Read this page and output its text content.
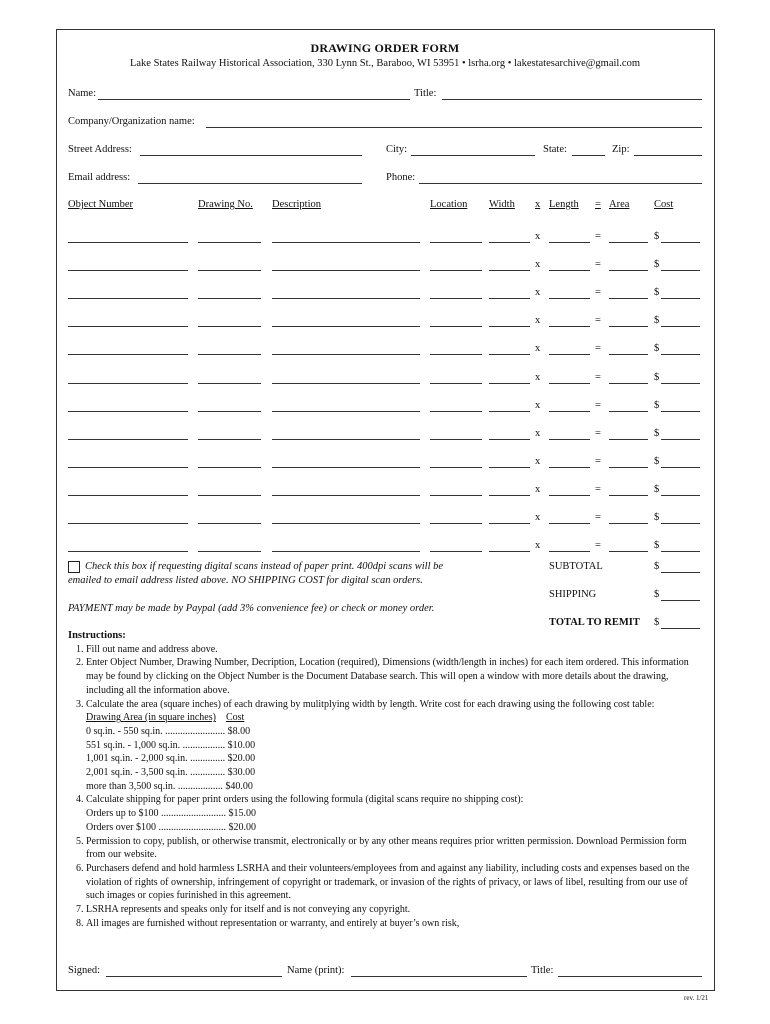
DRAWING ORDER FORM
Lake States Railway Historical Association, 330 Lynn St., Baraboo, WI 53951 • lsrha.org • lakestatesarchive@gmail.com
Name:	Title:
Company/Organization name:
Street Address:	City:	State:	Zip:
Email address:	Phone:
Object Number	Drawing No. Description	Location Width x Length = Area Cost
x	=	$
x	=	$
x	=	$
x	=	$
x	=	$
x	=	$
x	=	$
x	=	$
x	=	$
x	=	$
x	=	$
x	=	$
Check this box if requesting digital scans instead of paper print. 400dpi scans will be
emailed to email address listed above. NO SHIPPING COST for digital scan orders.
PAYMENT may be made by Paypal (add 3% convenience fee) or check or money order.
SUBTOTAL	$
SHIPPING	$
TOTAL TO REMIT $
Instructions:
1. Fill out name and address above.
2. Enter Object Number, Drawing Number, Decription, Location (required), Dimensions (width/length in inches) for each item ordered. This information may be found by clicking on the Object Number is the Document Database search. This will open a window with more details about the drawing, including all the information above.
3. Calculate the area (square inches) of each drawing by mulitplying width by length. Write cost for each drawing using the following cost table:
Drawing Area (in square inches) Cost
0 sq.in. - 550 sq.in. ........................ $8.00
551 sq.in. - 1,000 sq.in. ................. $10.00
1,001 sq.in. - 2,000 sq.in. .............. $20.00
2,001 sq.in. - 3,500 sq.in. .............. $30.00
more than 3,500 sq.in. .................. $40.00
4. Calculate shipping for paper print orders using the following formula (digital scans require no shipping cost):
Orders up to $100 .......................... $15.00
Orders over $100 ........................... $20.00
5. Permission to copy, publish, or otherwise transmit, electronically or by any other means requires prior written permission. Download Permission form from our website.
6. Purchasers defend and hold harmless LSRHA and their volunteers/employees from and against any liability, including costs and expenses based on the violation of rights of ownership, infringement of copyright or trademark, or invasion of the rights of privacy, or laws of libel, resulting from our use of such images or copies furinished in this agreement.
7. LSRHA represents and speaks only for itself and is not conveying any copyright.
8. All images are furnished without representation or warranty, and entirely at buyer’s own risk,
Signed:	Name (print):	Title:
rev. 1/21
